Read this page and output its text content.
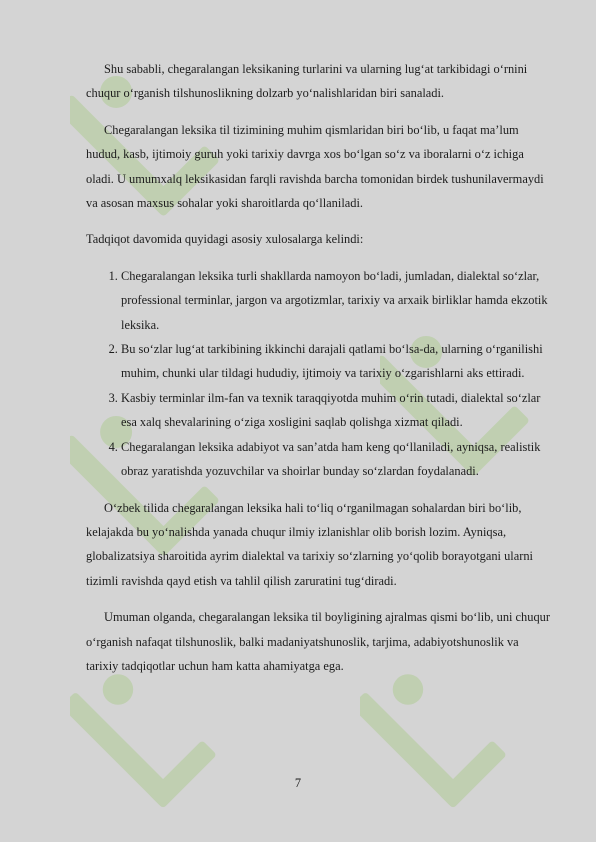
Shu sababli, chegaralangan leksikaning turlarini va ularning lug‘at tarkibidagi o‘rnini chuqur o‘rganish tilshunoslikning dolzarb yo‘nalishlaridan biri sanaladi.

Chegaralangan leksika til tizimining muhim qismlaridan biri bo‘lib, u faqat ma’lum hudud, kasb, ijtimoiy guruh yoki tarixiy davrga xos bo‘lgan so‘z va iboralarni o‘z ichiga oladi. U umumxalq leksikasidan farqli ravishda barcha tomonidan birdek tushunilavermaydi va asosan maxsus sohalar yoki sharoitlarda qo‘llaniladi.

Tadqiqot davomida quyidagi asosiy xulosalarga kelindi:

1. Chegaralangan leksika turli shakllarda namoyon bo‘ladi, jumladan, dialektal so‘zlar, professional terminlar, jargon va argotizmlar, tarixiy va arxaik birliklar hamda ekzotik leksika.
2. Bu so‘zlar lug‘at tarkibining ikkinchi darajali qatlami bo‘lsa-da, ularning o‘rganilishi muhim, chunki ular tildagi hududiy, ijtimoiy va tarixiy o‘zgarishlarni aks ettiradi.
3. Kasbiy terminlar ilm-fan va texnik taraqqiyotda muhim o‘rin tutadi, dialektal so‘zlar esa xalq shevalarining o‘ziga xosligini saqlab qolishga xizmat qiladi.
4. Chegaralangan leksika adabiyot va san’atda ham keng qo‘llaniladi, ayniqsa, realistik obraz yaratishda yozuvchilar va shoirlar bunday so‘zlardan foydalanadi.

O‘zbek tilida chegaralangan leksika hali to‘liq o‘rganilmagan sohalardan biri bo‘lib, kelajakda bu yo‘nalishda yanada chuqur ilmiy izlanishlar olib borish lozim. Ayniqsa, globalizatsiya sharoitida ayrim dialektal va tarixiy so‘zlarning yo‘qolib borayotgani ularni tizimli ravishda qayd etish va tahlil qilish zaruratini tug‘diradi.

Umuman olganda, chegaralangan leksika til boyligining ajralmas qismi bo‘lib, uni chuqur o‘rganish nafaqat tilshunoslik, balki madaniyatshunoslik, tarjima, adabiyotshunoslik va tarixiy tadqiqotlar uchun ham katta ahamiyatga ega.

7
